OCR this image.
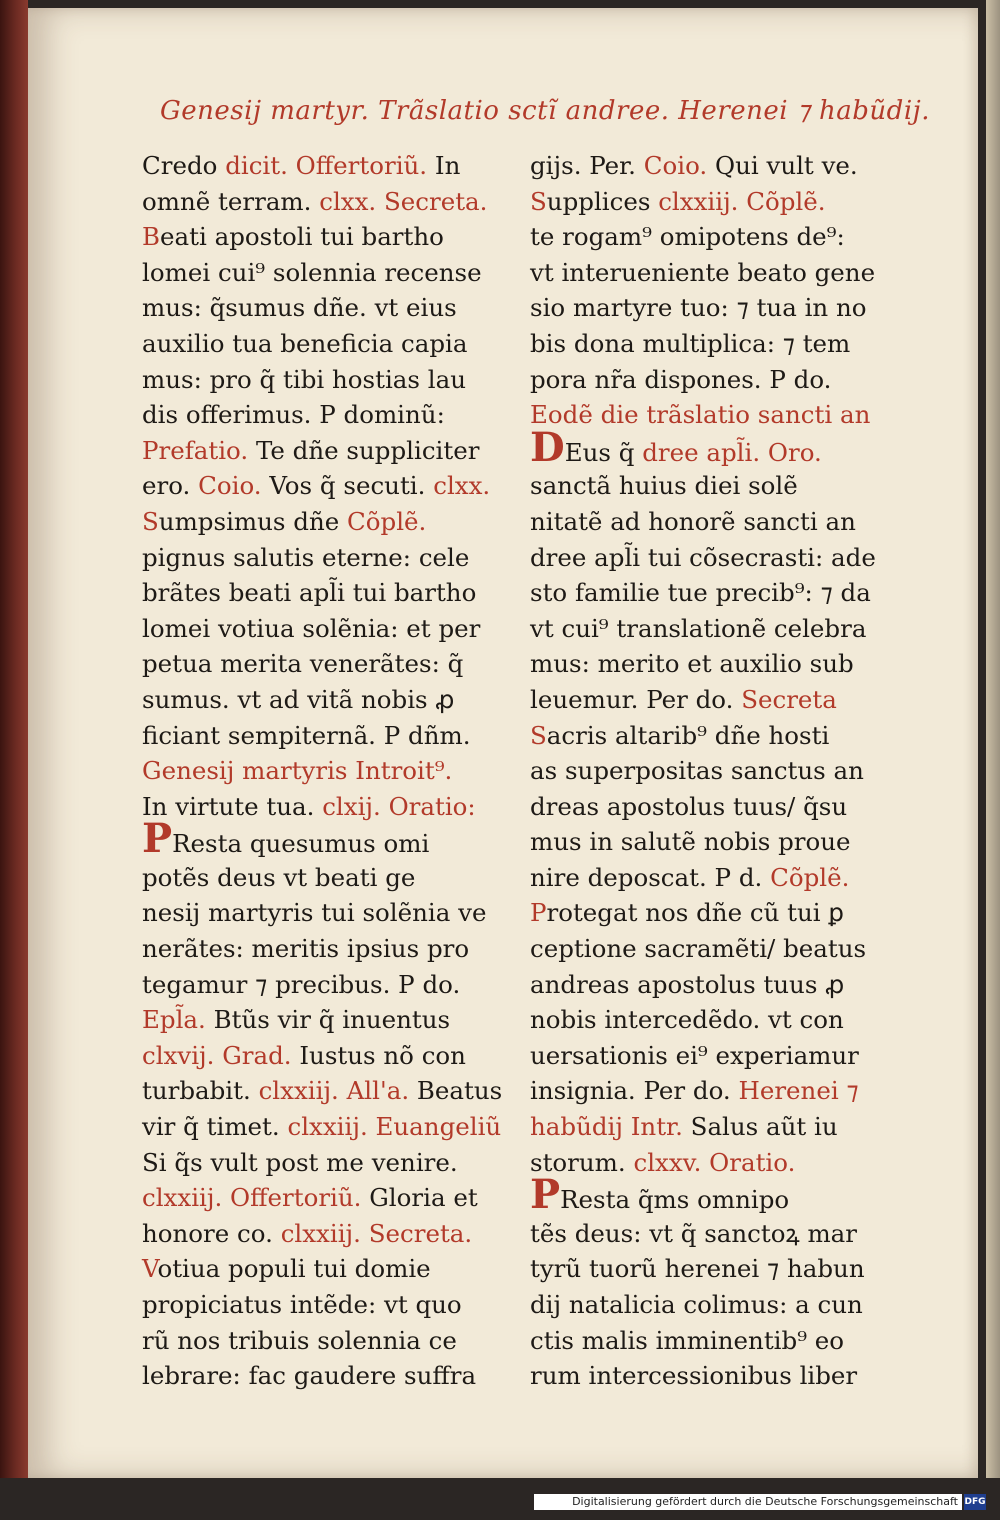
Genesij martyr. Trãslatio sctĩ andree. Herenei ⁊ habũdij.
Credo dicit. Offertoriũ. In
omnẽ terram. clxx. Secreta.
Beati apostoli tui bartho
lomei cui⁹ solennia recense
mus: q̃sumus dñe. vt eius
auxilio tua beneficia capia
mus: pro q̃ tibi hostias lau
dis offerimus. P dominũ:
Prefatio. Te dñe suppliciter
ero. Coio. Vos q̃ secuti. clxx.
Sumpsimus dñe Cõplẽ.
pignus salutis eterne: cele
brãtes beati apl̃i tui bartho
lomei votiua solẽnia: et per
petua merita venerãtes: q̃
sumus. vt ad vitã nobis ꝓ
ficiant sempiternã. P dñm.
Genesij martyris Introit⁹.
In virtute tua. clxij. Oratio:
PResta quesumus omi
potẽs deus vt beati ge
nesij martyris tui solẽnia ve
nerãtes: meritis ipsius pro
tegamur ⁊ precibus. P do.
Epl̃a. Btũs vir q̃ inuentus
clxvij. Grad. Iustus nõ con
turbabit. clxxiij. All'a. Beatus
vir q̃ timet. clxxiij. Euangeliũ
Si q̃s vult post me venire.
clxxiij. Offertoriũ. Gloria et
honore co. clxxiij. Secreta.
Votiua populi tui domie
propiciatus intẽde: vt quo
rũ nos tribuis solennia ce
lebrare: fac gaudere suffra
gijs. Per. Coio. Qui vult ve.
Supplices clxxiij. Cõplẽ.
te rogam⁹ omipotens de⁹:
vt interueniente beato gene
sio martyre tuo: ⁊ tua in no
bis dona multiplica: ⁊ tem
pora nr̃a dispones. P do.
Eodẽ die trãslatio sancti an
DEus q̃ dree apl̃i. Oro.
sanctã huius diei solẽ
nitatẽ ad honorẽ sancti an
dree apl̃i tui cõsecrasti: ade
sto familie tue precib⁹: ⁊ da
vt cui⁹ translationẽ celebra
mus: merito et auxilio sub
leuemur. Per do. Secreta
Sacris altarib⁹ dñe hosti
as superpositas sanctus an
dreas apostolus tuus/ q̃su
mus in salutẽ nobis proue
nire deposcat. P d. Cõplẽ.
Protegat nos dñe cũ tui ꝑ
ceptione sacramẽti/ beatus
andreas apostolus tuus ꝓ
nobis intercedẽdo. vt con
uersationis ei⁹ experiamur
insignia. Per do. Herenei ⁊
habũdij Intr. Salus aũt iu
storum. clxxv. Oratio.
PResta q̃ms omnipo
tẽs deus: vt q̃ sanctoꝝ mar
tyrũ tuorũ herenei ⁊ habun
dij natalicia colimus: a cun
ctis malis imminentib⁹ eo
rum intercessionibus liber
Digitalisierung gefördert durch die Deutsche Forschungsgemeinschaft DFG
